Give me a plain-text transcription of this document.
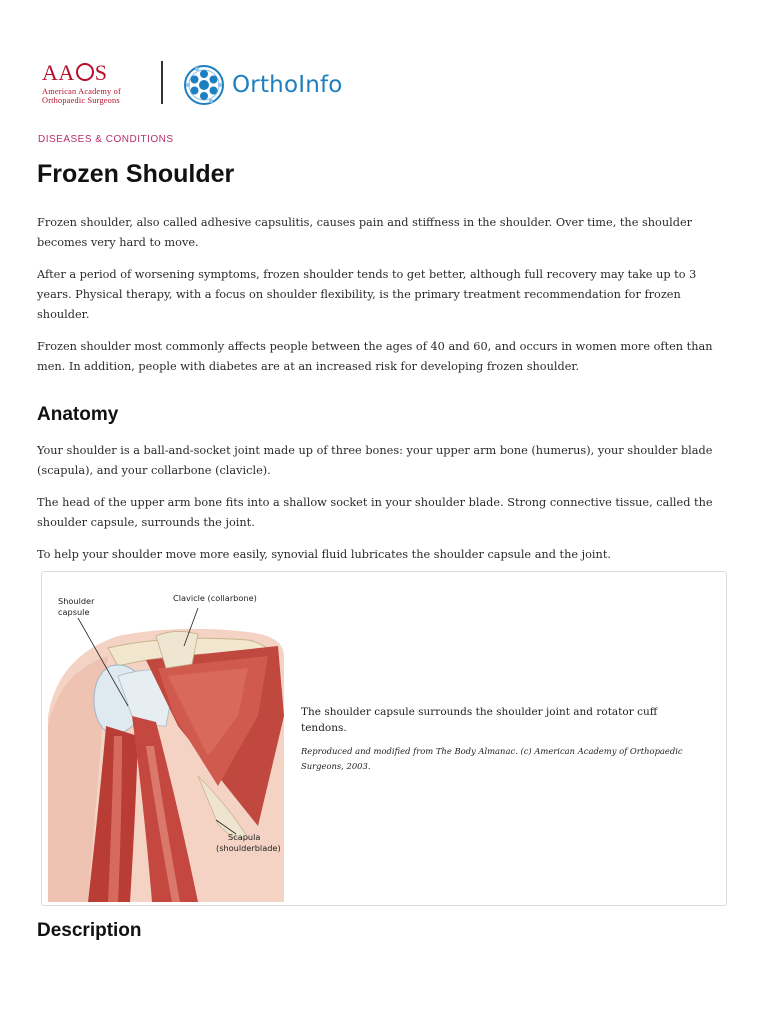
AA S
American Academy of
Orthopaedic Surgeons
OrthoInfo
DISEASES & CONDITIONS
Frozen Shoulder
Frozen shoulder, also called adhesive capsulitis, causes pain and stiffness in the shoulder. Over time, the shoulder becomes very hard to move.
After a period of worsening symptoms, frozen shoulder tends to get better, although full recovery may take up to 3 years. Physical therapy, with a focus on shoulder flexibility, is the primary treatment recommendation for frozen shoulder.
Frozen shoulder most commonly affects people between the ages of 40 and 60, and occurs in women more often than men. In addition, people with diabetes are at an increased risk for developing frozen shoulder.
Anatomy
Your shoulder is a ball-and-socket joint made up of three bones: your upper arm bone (humerus), your shoulder blade (scapula), and your collarbone (clavicle).
The head of the upper arm bone fits into a shallow socket in your shoulder blade. Strong connective tissue, called the shoulder capsule, surrounds the joint.
To help your shoulder move more easily, synovial fluid lubricates the shoulder capsule and the joint.
Shoulder
capsule
Clavicle (collarbone)
Scapula
(shoulderblade)
The shoulder capsule surrounds the shoulder joint and rotator cuff tendons.
Reproduced and modified from The Body Almanac. (c) American Academy of Orthopaedic Surgeons, 2003.
Description
